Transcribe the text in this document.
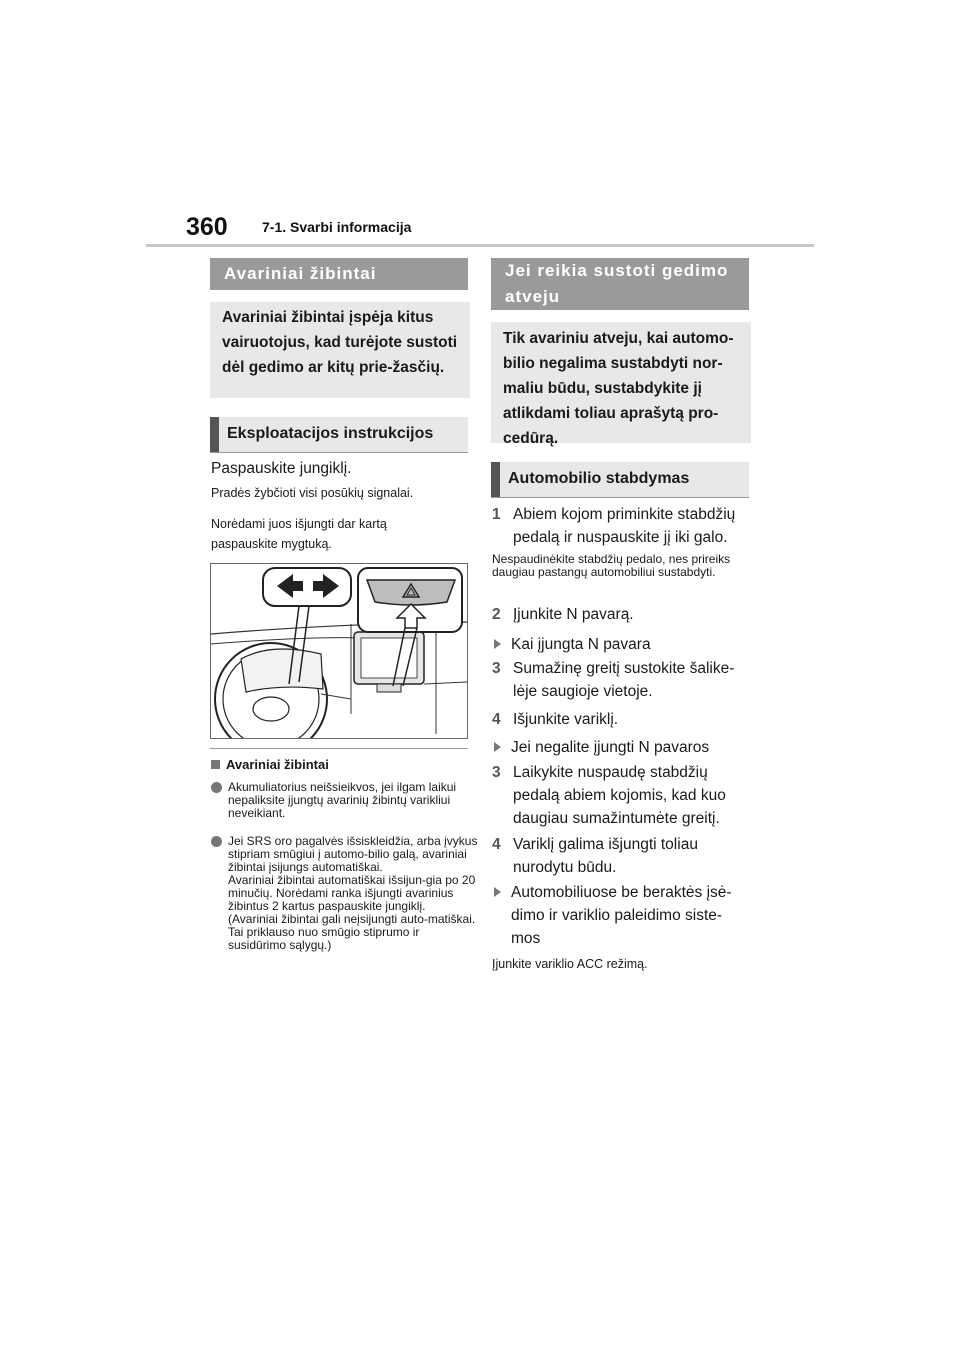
360 7-1. Svarbi informacija
Avariniai žibintai
Avariniai žibintai įspėja kitus vairuotojus, kad turėjote sustoti dėl gedimo ar kitų prie-žasčių.
Eksploatacijos instrukcijos
Paspauskite jungiklį.
Pradės žybčioti visi posūkių signalai.
Norėdami juos išjungti dar kartą paspauskite mygtuką.
Avariniai žibintai
Akumuliatorius neišsieikvos, jei ilgam laikui nepaliksite įjungtų avarinių žibintų varikliui neveikiant.
Jei SRS oro pagalvės išsiskleidžia, arba įvykus stipriam smūgiui į automo-bilio galą, avariniai žibintai įsijungs automatiškai.
Avariniai žibintai automatiškai išsijun-gia po 20 minučių. Norėdami ranka išjungti avarinius žibintus 2 kartus paspauskite jungiklį.
(Avariniai žibintai gali neįsijungti auto-matiškai. Tai priklauso nuo smūgio stiprumo ir susidūrimo sąlygų.)
Jei reikia sustoti gedimo atveju
Tik avariniu atveju, kai automo-bilio negalima sustabdyti nor-maliu būdu, sustabdykite jį atlikdami toliau aprašytą pro-cedūrą.
Automobilio stabdymas
1 Abiem kojom priminkite stabdžių pedalą ir nuspauskite jį iki galo.
Nespaudinėkite stabdžių pedalo, nes prireiks daugiau pastangų automobiliui sustabdyti.
2 Įjunkite N pavarą.
Kai įjungta N pavara
3 Sumažinę greitį sustokite šalike-lėje saugioje vietoje.
4 Išjunkite variklį.
Jei negalite įjungti N pavaros
3 Laikykite nuspaudę stabdžių pedalą abiem kojomis, kad kuo daugiau sumažintumėte greitį.
4 Variklį galima išjungti toliau nurodytu būdu.
Automobiliuose be beraktės įsė-dimo ir variklio paleidimo siste-mos
Įjunkite variklio ACC režimą.
